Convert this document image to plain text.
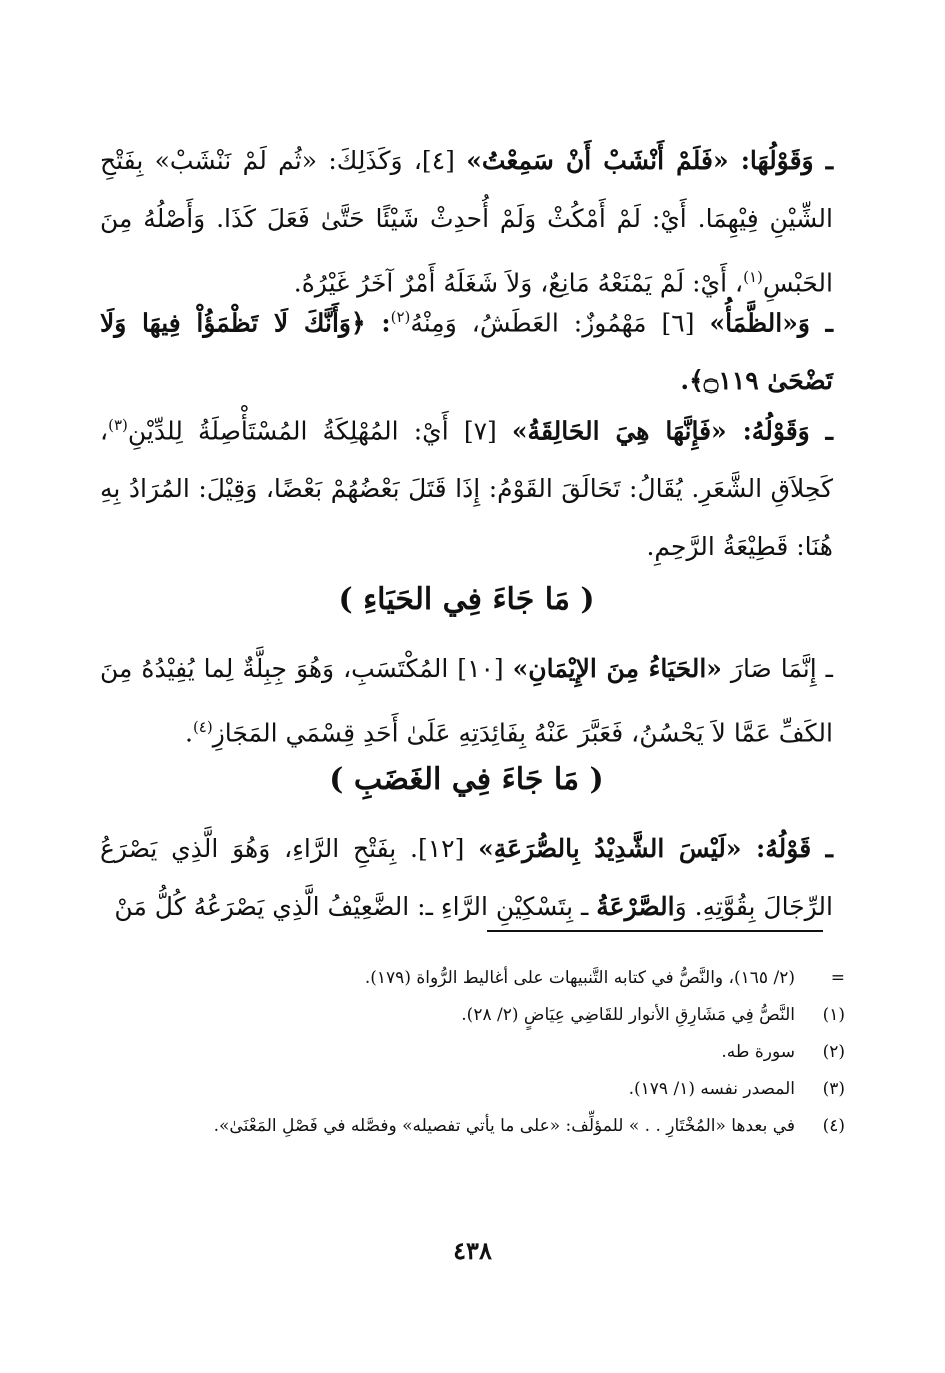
ـ وَقَوْلُهَا: «فَلَمْ أَنْشَبْ أَنْ سَمِعْتُ» [٤]، وَكَذَلِكَ: «ثُم لَمْ نَنْشَبْ» بِفَتْحِ الشِّيْنِ فِيْهِمَا. أَيْ: لَمْ أَمْكُثْ وَلَمْ أُحدِثْ شَيْئًا حَتَّىٰ فَعَلَ كَذَا. وَأَصْلُهُ مِنَ الحَبْسِ$^{(١)}$، أَيْ: لَمْ يَمْنَعْهُ مَانِعٌ، وَلاَ شَغَلَهُ أَمْرٌ آخَرُ غَيْرُهُ.
ـ وَ«الظَّمَأُ» [٦] مَهْمُوزٌ: العَطَشُ، وَمِنْهُ$^{(٢)}$: ﴿وَأَنَّكَ لَا تَظْمَؤُاْ فِيهَا وَلَا تَضْحَىٰ ۝١١٩﴾.
ـ وَقَوْلُهُ: «فَإِنَّهَا هِيَ الحَالِقَةُ» [٧] أَيْ: المُهْلِكَةُ المُسْتَأْصِلَةُ لِلدِّيْنِ$^{(٣)}$، كَحِلاَقِ الشَّعَرِ. يُقَالُ: تَحَالَقَ القَوْمُ: إِذَا قَتَلَ بَعْضُهُمْ بَعْضًا، وَقِيْلَ: المُرَادُ بِهِ هُنَا: قَطِيْعَةُ الرَّحِمِ.
( مَا جَاءَ فِي الحَيَاءِ )
ـ إِنَّمَا صَارَ «الحَيَاءُ مِنَ الإِيْمَانِ» [١٠] المُكْتَسَبِ، وَهُوَ جِبِلَّةٌ لِما يُفِيْدُهُ مِنَ الكَفِّ عَمَّا لاَ يَحْسُنُ، فَعَبَّرَ عَنْهُ بِفَائِدَتِهِ عَلَىٰ أَحَدِ قِسْمَي المَجَازِ$^{(٤)}$.
( مَا جَاءَ فِي الغَضَبِ )
ـ قَوْلُهُ: «لَيْسَ الشَّدِيْدُ بِالصُّرَعَةِ» [١٢]. بِفَتْحِ الرَّاءِ، وَهُوَ الَّذِي يَصْرَعُ الرِّجَالَ بِقُوَّتِهِ. وَالصَّرْعَةُ ـ بِتَسْكِيْنِ الرَّاءِ ـ: الضَّعِيْفُ الَّذِي يَصْرَعُهُ كُلُّ مَنْ
=
(٢/ ١٦٥)، والنَّصُّ في كتابه التَّنبيهات على أغاليط الرُّواة (١٧٩).
(١)
النَّصُّ فِي مَشَارِقِ الأنوار للقَاضِي عِيَاضٍ (٢/ ٢٨).
(٢)
سورة طه.
(٣)
المصدر نفسه (١/ ١٧٩).
(٤)
في بعدها «المُخْتَارِ . . » للمؤلِّف: «على ما يأتي تفصيله» وفصَّله في فَصْلِ المَعْنَىٰ».
٤٣٨
